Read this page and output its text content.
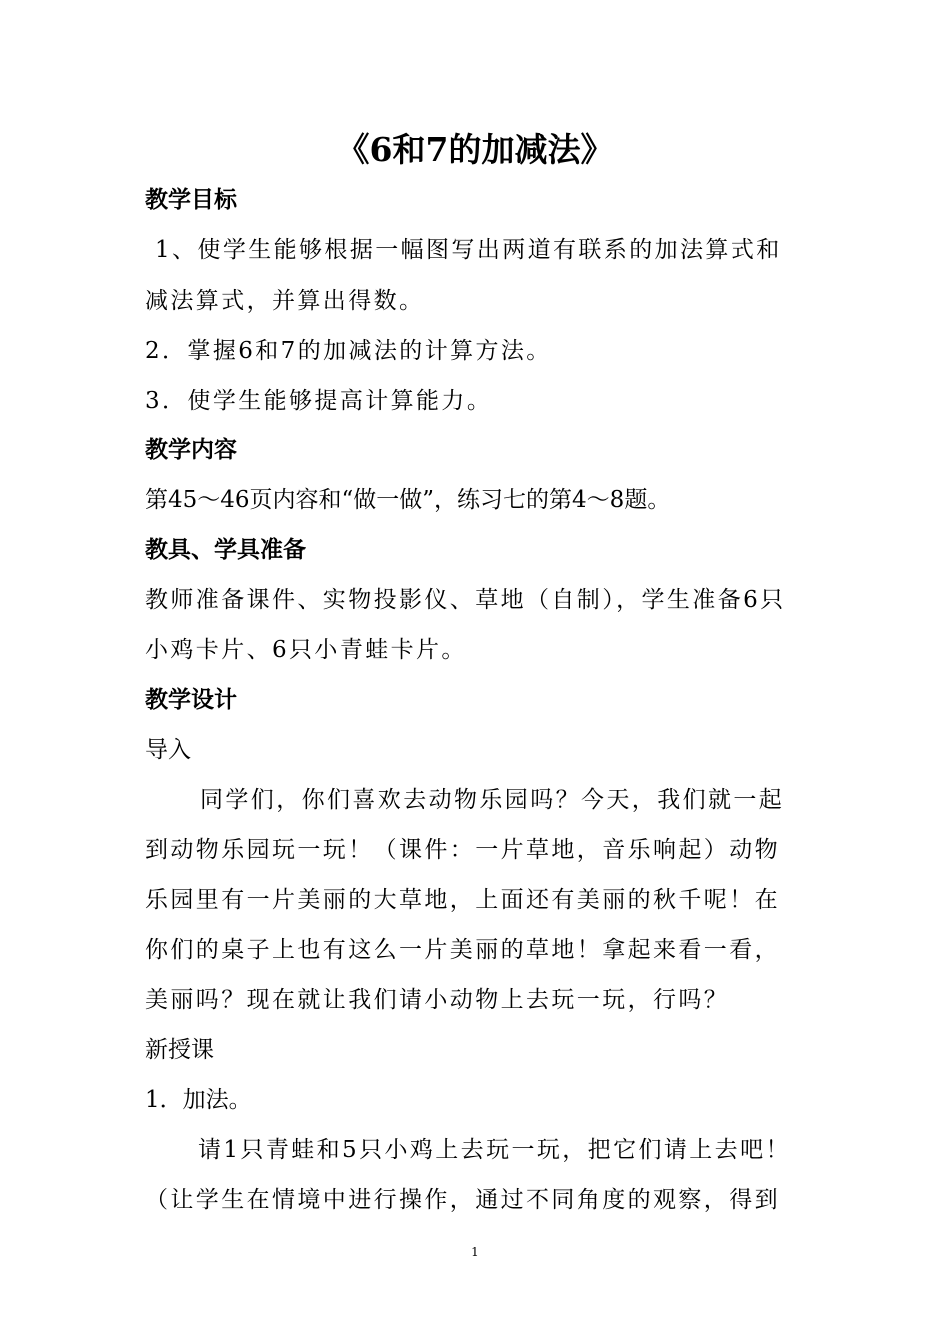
《6和7的加减法》
教学目标
1、使学生能够根据一幅图写出两道有联系的加法算式和
减法算式，并算出得数。
2．掌握6和7的加减法的计算方法。
3．使学生能够提高计算能力。
教学内容
第45～46页内容和“做一做”，练习七的第4～8题。
教具、学具准备
教师准备课件、实物投影仪、草地（自制），学生准备6只
小鸡卡片、6只小青蛙卡片。
教学设计
导入
同学们，你们喜欢去动物乐园吗？今天，我们就一起
到动物乐园玩一玩！（课件：一片草地，音乐响起）动物
乐园里有一片美丽的大草地，上面还有美丽的秋千呢！在
你们的桌子上也有这么一片美丽的草地！拿起来看一看，
美丽吗？现在就让我们请小动物上去玩一玩，行吗？
新授课
1．加法。
请1只青蛙和5只小鸡上去玩一玩，把它们请上去吧！
（让学生在情境中进行操作，通过不同角度的观察，得到
1
